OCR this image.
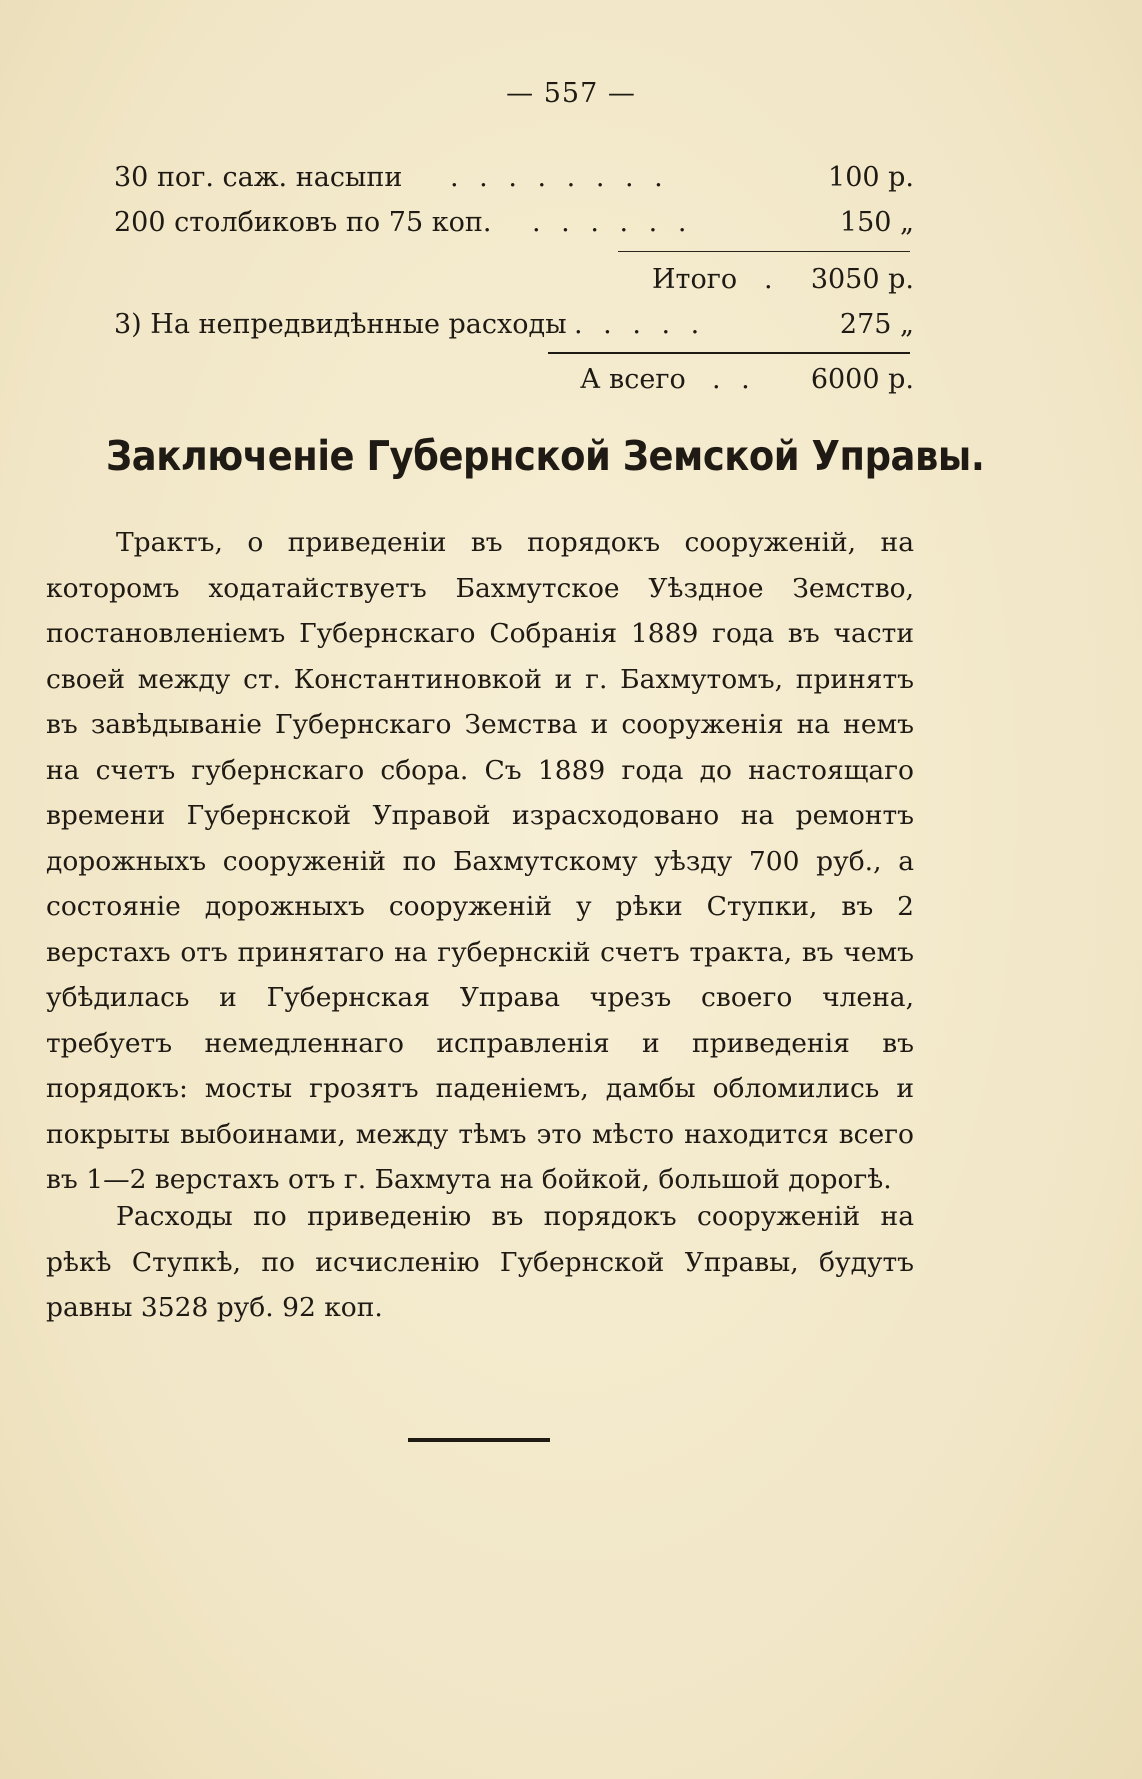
— 557 —
30 пог. саж. насыпи . . . . . . . .	100 р.
200 столбиковъ по 75 коп. . . . . . .	150 „
Итого . 3050 р.
3) На непредвидѣнные расходы . . . . .	275 „
А всего . . 6000 р.
Заключеніе Губернской Земской Управы.

Трактъ, о приведеніи въ порядокъ сооруженій, на которомъ ходатайствуетъ Бахмутское Уѣздное Земство, постановленіемъ Губернскаго Собранія 1889 года въ части своей между ст. Константиновкой и г. Бахмутомъ, принятъ въ завѣдываніе Губернскаго Земства и сооруженія на немъ на счетъ губернскаго сбора. Съ 1889 года до настоящаго времени Губернской Управой израсходовано на ремонтъ дорожныхъ сооруженій по Бахмутскому уѣзду 700 руб., а состояніе дорожныхъ сооруженій у рѣки Ступки, въ 2 верстахъ отъ принятаго на губернскій счетъ тракта, въ чемъ убѣдилась и Губернская Управа чрезъ своего члена, требуетъ немедленнаго исправленія и приведенія въ порядокъ: мосты грозятъ паденіемъ, дамбы обломились и покрыты выбоинами, между тѣмъ это мѣсто находится всего въ 1—2 верстахъ отъ г. Бахмута на бойкой, большой дорогѣ.

Расходы по приведенію въ порядокъ сооруженій на рѣкѣ Ступкѣ, по исчисленію Губернской Управы, будутъ равны 3528 руб. 92 коп.
